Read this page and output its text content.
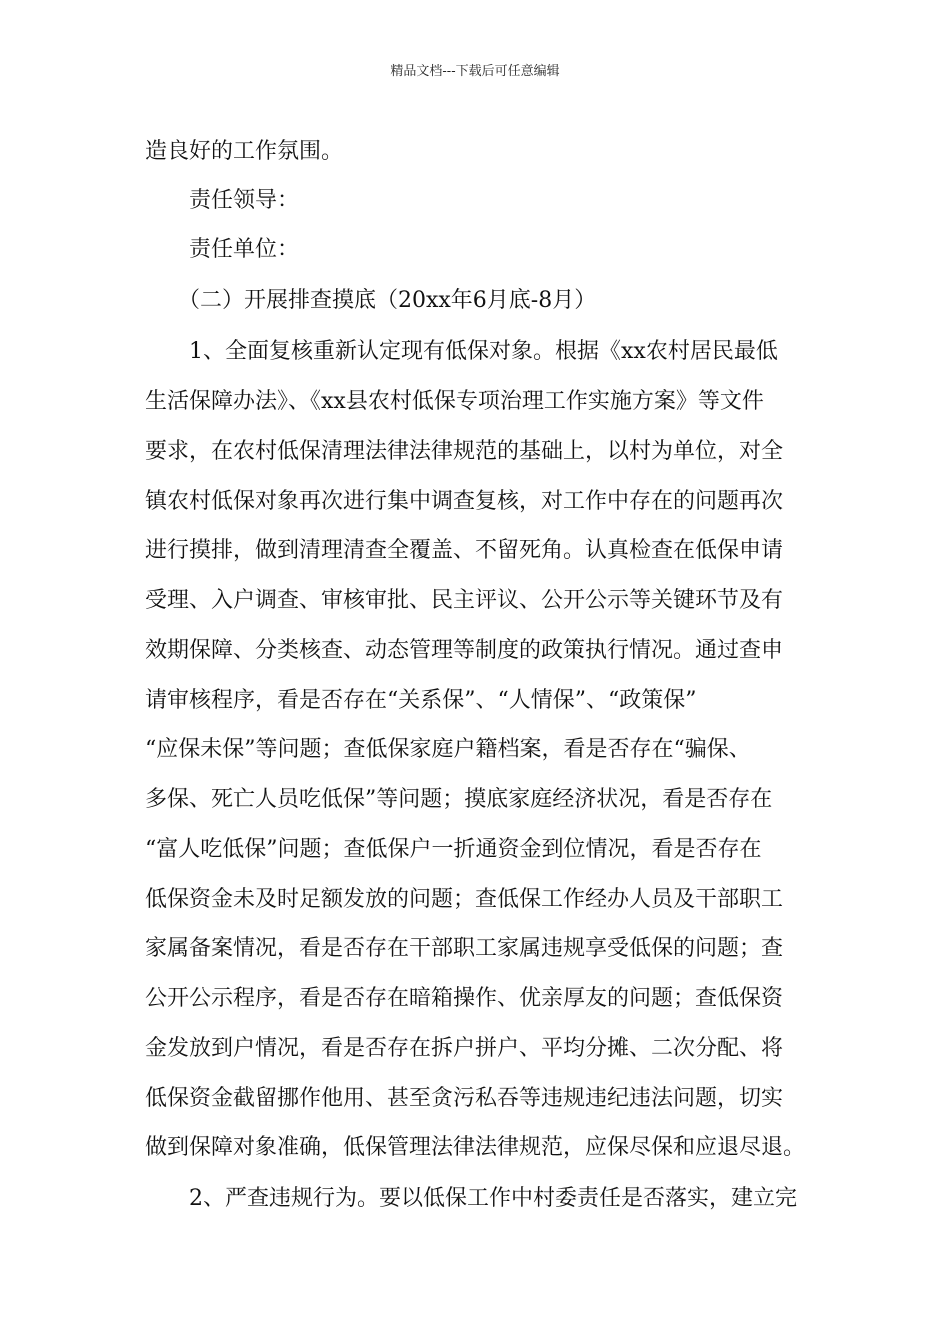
精品文档---下载后可任意编辑
造良好的工作氛围。
　　责任领导：
　　责任单位：
　　（二）开展排查摸底（20xx年6月底-8月）
　　1、全面复核重新认定现有低保对象。根据《xx农村居民最低
生活保障办法》、《xx县农村低保专项治理工作实施方案》等文件
要求，在农村低保清理法律法律规范的基础上，以村为单位，对全
镇农村低保对象再次进行集中调查复核，对工作中存在的问题再次
进行摸排，做到清理清查全覆盖、不留死角。认真检查在低保申请
受理、入户调查、审核审批、民主评议、公开公示等关键环节及有
效期保障、分类核查、动态管理等制度的政策执行情况。通过查申
请审核程序，看是否存在“关系保”、“人情保”、“政策保”
“应保未保”等问题；查低保家庭户籍档案，看是否存在“骗保、
多保、死亡人员吃低保”等问题；摸底家庭经济状况，看是否存在
“富人吃低保”问题；查低保户一折通资金到位情况，看是否存在
低保资金未及时足额发放的问题；查低保工作经办人员及干部职工
家属备案情况，看是否存在干部职工家属违规享受低保的问题；查
公开公示程序，看是否存在暗箱操作、优亲厚友的问题；查低保资
金发放到户情况，看是否存在拆户拼户、平均分摊、二次分配、将
低保资金截留挪作他用、甚至贪污私吞等违规违纪违法问题，切实
做到保障对象准确，低保管理法律法律规范，应保尽保和应退尽退。
　　2、严查违规行为。要以低保工作中村委责任是否落实，建立完
